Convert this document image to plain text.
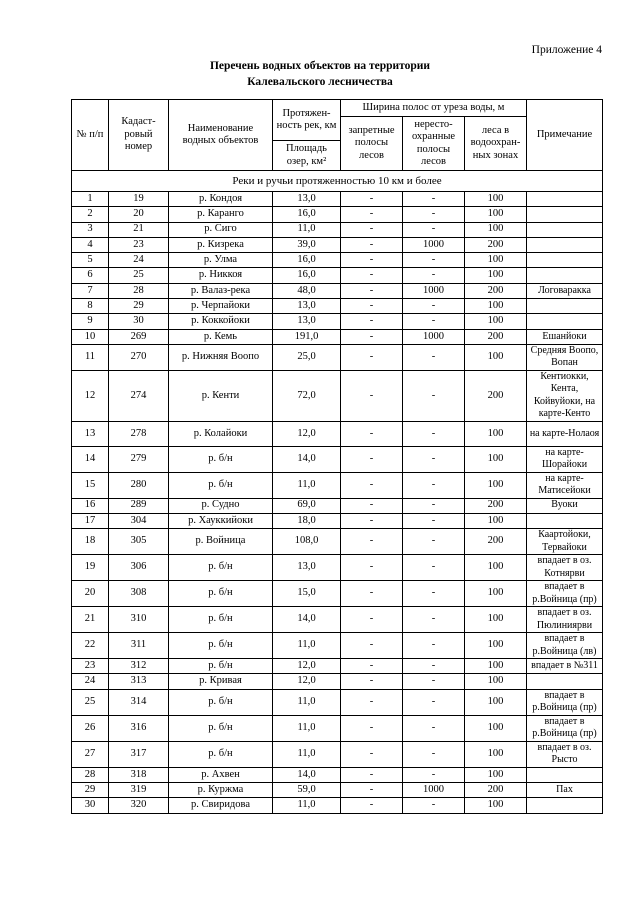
Приложение 4
Перечень водных объектов на территории
Калевальского лесничества
№ п/п	Кадаст-ровый номер	Наименование водных объектов	Протяжен-ность рек, км	Ширина полос от уреза воды, м			Примечание
				запретные полосы лесов	нересто-охранные полосы лесов	леса в водоохран-ных зонах	
			Площадь озер, км²				
Реки и ручьи протяженностью 10 км и более							
1	19	р. Кондоя	13,0	-	-	100	
2	20	р. Каранго	16,0	-	-	100	
3	21	р. Сиго	11,0	-	-	100	
4	23	р. Кизрека	39,0	-	1000	200	
5	24	р. Улма	16,0	-	-	100	
6	25	р. Никкоя	16,0	-	-	100	
7	28	р. Валаз-река	48,0	-	1000	200	Логоваракка
8	29	р. Черпайоки	13,0	-	-	100	
9	30	р. Коккойоки	13,0	-	-	100	
10	269	р. Кемь	191,0	-	1000	200	Ешанйоки
11	270	р. Нижняя Воопо	25,0	-	-	100	Средняя Воопо, Вопан
12	274	р. Кенти	72,0	-	-	200	Кентиокки, Кента, Койвуйоки, на карте-Кенто
13	278	р. Колайоки	12,0	-	-	100	на карте-Нолаоя
14	279	р. б/н	14,0	-	-	100	на карте-Шорайоки
15	280	р. б/н	11,0	-	-	100	на карте-Матисейоки
16	289	р. Судно	69,0	-	-	200	Вуоки
17	304	р. Хауккийоки	18,0	-	-	100	
18	305	р. Войница	108,0	-	-	200	Каартойоки, Тервайоки
19	306	р. б/н	13,0	-	-	100	впадает в оз. Котнярви
20	308	р. б/н	15,0	-	-	100	впадает в р.Войница (пр)
21	310	р. б/н	14,0	-	-	100	впадает в оз. Пюлиниярви
22	311	р. б/н	11,0	-	-	100	впадает в р.Войница (лв)
23	312	р. б/н	12,0	-	-	100	впадает в №311
24	313	р. Кривая	12,0	-	-	100	
25	314	р. б/н	11,0	-	-	100	впадает в р.Войница (пр)
26	316	р. б/н	11,0	-	-	100	впадает в р.Войница (пр)
27	317	р. б/н	11,0	-	-	100	впадает в оз. Рысто
28	318	р. Ахвен	14,0	-	-	100	
29	319	р. Куржма	59,0	-	1000	200	Пах
30	320	р. Свиридова	11,0	-	-	100	
